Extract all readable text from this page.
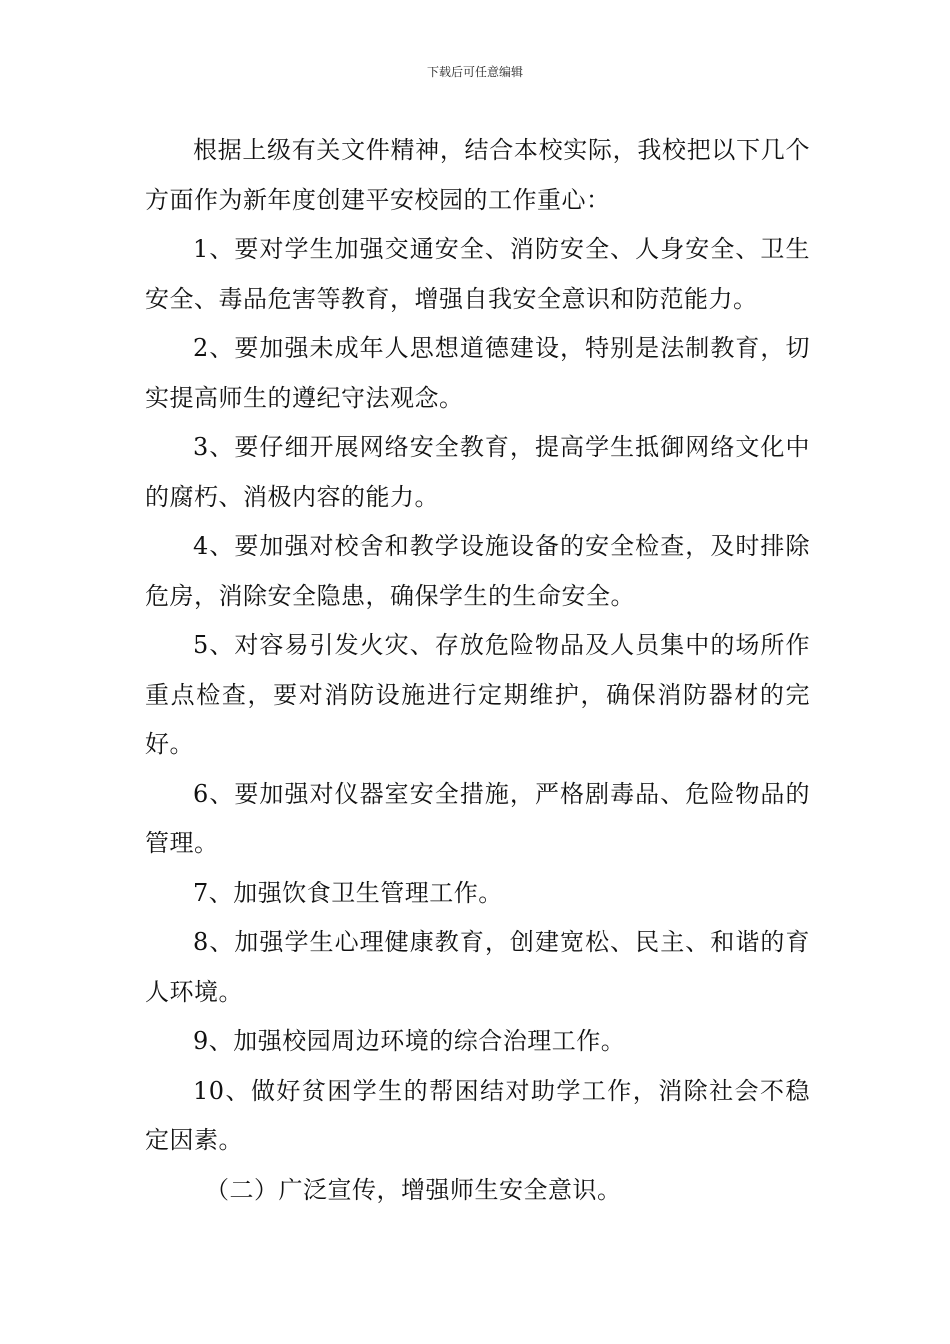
下载后可任意编辑

根据上级有关文件精神，结合本校实际，我校把以下几个方面作为新年度创建平安校园的工作重心：

1、要对学生加强交通安全、消防安全、人身安全、卫生安全、毒品危害等教育，增强自我安全意识和防范能力。

2、要加强未成年人思想道德建设，特别是法制教育，切实提高师生的遵纪守法观念。

3、要仔细开展网络安全教育，提高学生抵御网络文化中的腐朽、消极内容的能力。

4、要加强对校舍和教学设施设备的安全检查，及时排除危房，消除安全隐患，确保学生的生命安全。

5、对容易引发火灾、存放危险物品及人员集中的场所作重点检查，要对消防设施进行定期维护，确保消防器材的完好。

6、要加强对仪器室安全措施，严格剧毒品、危险物品的管理。

7、加强饮食卫生管理工作。

8、加强学生心理健康教育，创建宽松、民主、和谐的育人环境。

9、加强校园周边环境的综合治理工作。

10、做好贫困学生的帮困结对助学工作，消除社会不稳定因素。

（二）广泛宣传，增强师生安全意识。
